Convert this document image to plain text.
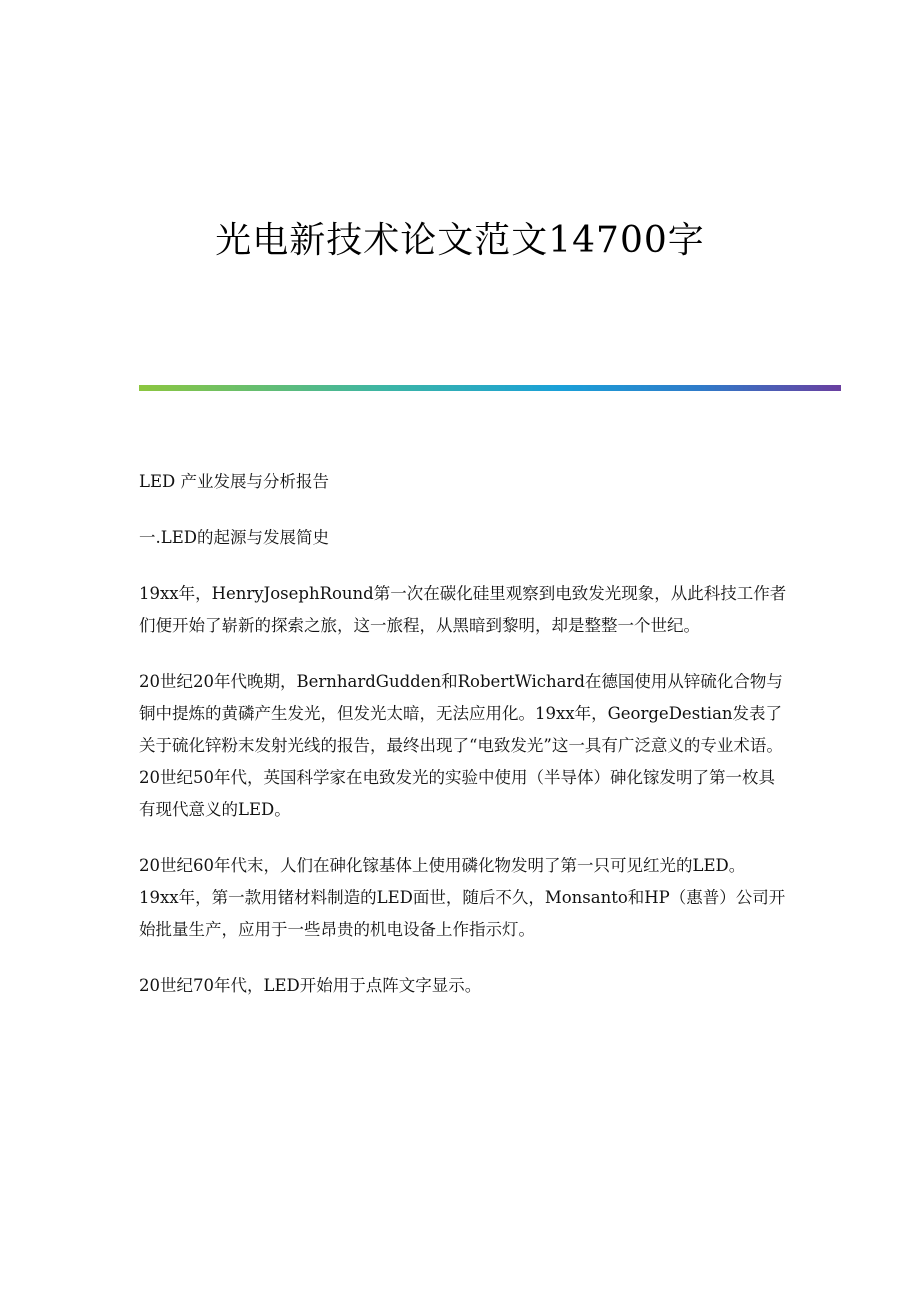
光电新技术论文范文14700字

LED 产业发展与分析报告

一.LED的起源与发展简史

19xx年，HenryJosephRound第一次在碳化硅里观察到电致发光现象，从此科技工作者们便开始了崭新的探索之旅，这一旅程，从黑暗到黎明，却是整整一个世纪。

20世纪20年代晚期，BernhardGudden和RobertWichard在德国使用从锌硫化合物与铜中提炼的黄磷产生发光，但发光太暗，无法应用化。19xx年，GeorgeDestian发表了关于硫化锌粉末发射光线的报告，最终出现了“电致发光”这一具有广泛意义的专业术语。 20世纪50年代，英国科学家在电致发光的实验中使用（半导体）砷化镓发明了第一枚具有现代意义的LED。

20世纪60年代末，人们在砷化镓基体上使用磷化物发明了第一只可见红光的LED。 19xx年，第一款用锗材料制造的LED面世，随后不久，Monsanto和HP（惠普）公司开始批量生产，应用于一些昂贵的机电设备上作指示灯。

20世纪70年代，LED开始用于点阵文字显示。
